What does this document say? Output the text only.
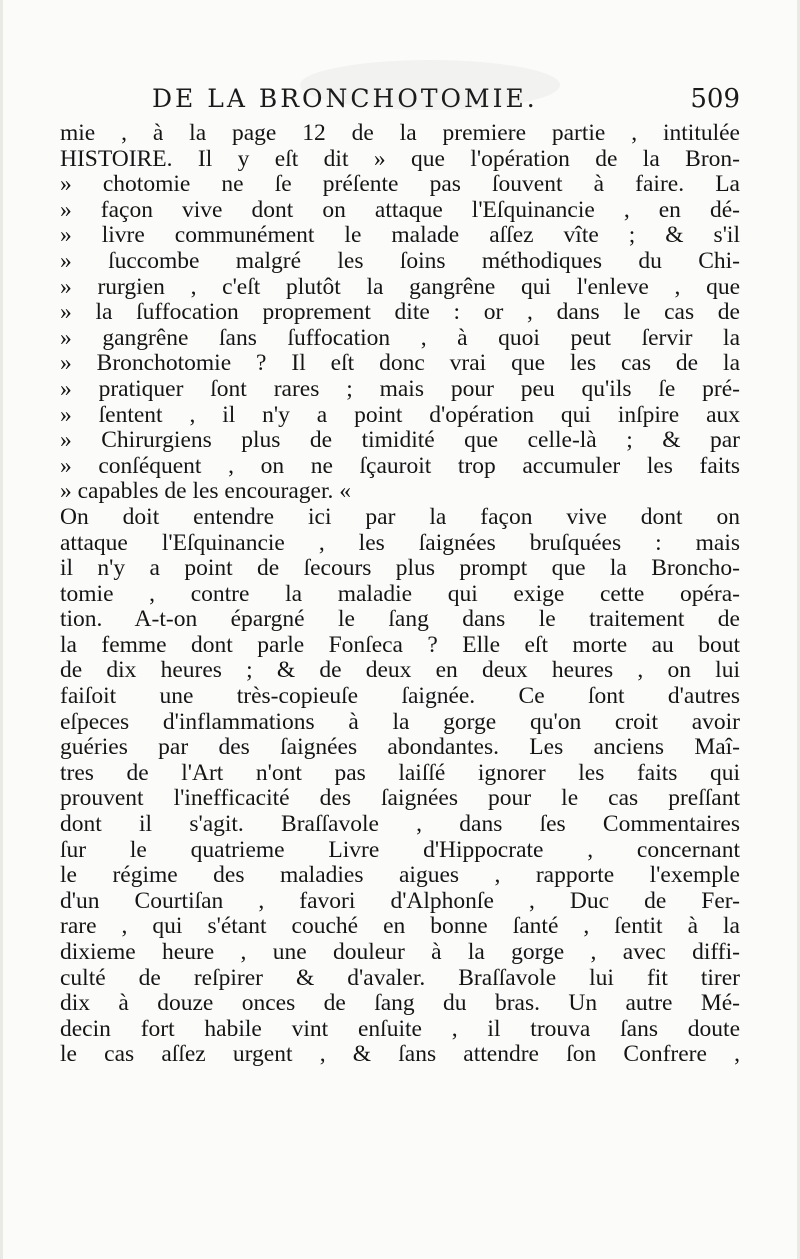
DE LA BRONCHOTOMIE.	509
mie , à la page 12 de la premiere partie , intitulée
HISTOIRE. Il y eſt dit » que l'opération de la Bron-
» chotomie ne ſe préſente pas ſouvent à faire. La
» façon vive dont on attaque l'Eſquinancie , en dé-
» livre communément le malade aſſez vîte ; & s'il
» ſuccombe malgré les ſoins méthodiques du Chi-
» rurgien , c'eſt plutôt la gangrêne qui l'enleve , que
» la ſuffocation proprement dite : or , dans le cas de
» gangrêne ſans ſuffocation , à quoi peut ſervir la
» Bronchotomie ? Il eſt donc vrai que les cas de la
» pratiquer ſont rares ; mais pour peu qu'ils ſe pré-
» ſentent , il n'y a point d'opération qui inſpire aux
» Chirurgiens plus de timidité que celle-là ; & par
» conſéquent , on ne ſçauroit trop accumuler les faits
» capables de les encourager. «
On doit entendre ici par la façon vive dont on
attaque l'Eſquinancie , les ſaignées bruſquées : mais
il n'y a point de ſecours plus prompt que la Broncho-
tomie , contre la maladie qui exige cette opéra-
tion. A-t-on épargné le ſang dans le traitement de
la femme dont parle Fonſeca ? Elle eſt morte au bout
de dix heures ; & de deux en deux heures , on lui
faiſoit une très-copieuſe ſaignée. Ce ſont d'autres
eſpeces d'inflammations à la gorge qu'on croit avoir
guéries par des ſaignées abondantes. Les anciens Maî-
tres de l'Art n'ont pas laiſſé ignorer les faits qui
prouvent l'inefficacité des ſaignées pour le cas preſſant
dont il s'agit. Braſſavole , dans ſes Commentaires
ſur le quatrieme Livre d'Hippocrate , concernant
le régime des maladies aigues , rapporte l'exemple
d'un Courtiſan , favori d'Alphonſe , Duc de Fer-
rare , qui s'étant couché en bonne ſanté , ſentit à la
dixieme heure , une douleur à la gorge , avec diffi-
culté de reſpirer & d'avaler. Braſſavole lui fit tirer
dix à douze onces de ſang du bras. Un autre Mé-
decin fort habile vint enſuite , il trouva ſans doute
le cas aſſez urgent , & ſans attendre ſon Confrere ,
